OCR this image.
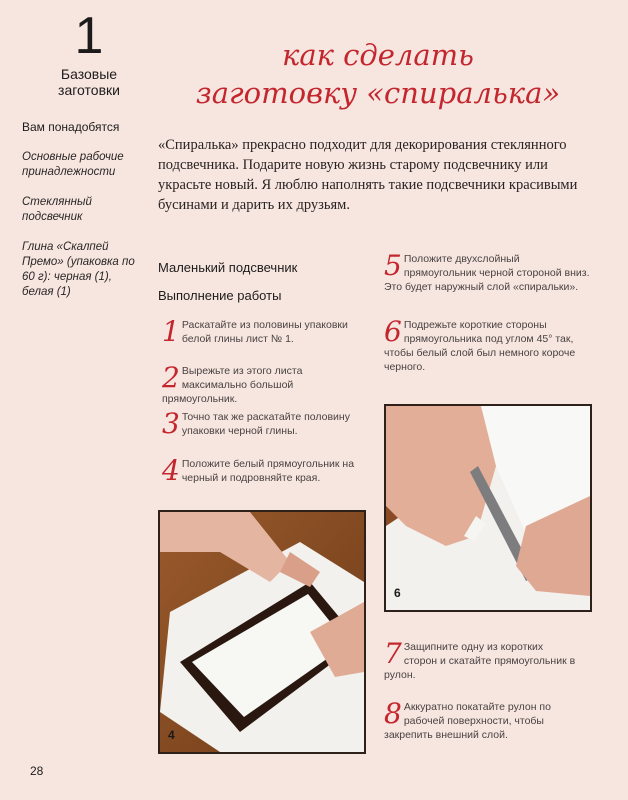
1
Базовые заготовки
Вам понадобятся
Основные рабочие принадлежности
Стеклянный подсвечник
Глина «Скалпей Премо» (упаковка по 60 г): черная (1), белая (1)
как сделать
заготовку «спиралька»
«Спиралька» прекрасно подходит для декорирования стеклянного подсвечника. Подарите новую жизнь старому подсвечнику или украсьте новый. Я люблю наполнять такие подсвечники красивыми бусинами и дарить их друзьям.
Маленький подсвечник
Выполнение работы
1 Раскатайте из половины упаковки белой глины лист № 1.
2 Вырежьте из этого листа максимально большой прямоугольник.
3 Точно так же раскатайте половину упаковки черной глины.
4 Положите белый прямоугольник на черный и подровняйте края.
5 Положите двухслойный прямоугольник черной стороной вниз. Это будет наружный слой «спиральки».
6 Подрежьте короткие стороны прямоугольника под углом 45° так, чтобы белый слой был немного короче черного.
7 Защипните одну из коротких сторон и скатайте прямоугольник в рулон.
8 Аккуратно покатайте рулон по рабочей поверхности, чтобы закрепить внешний слой.
4
6
28
